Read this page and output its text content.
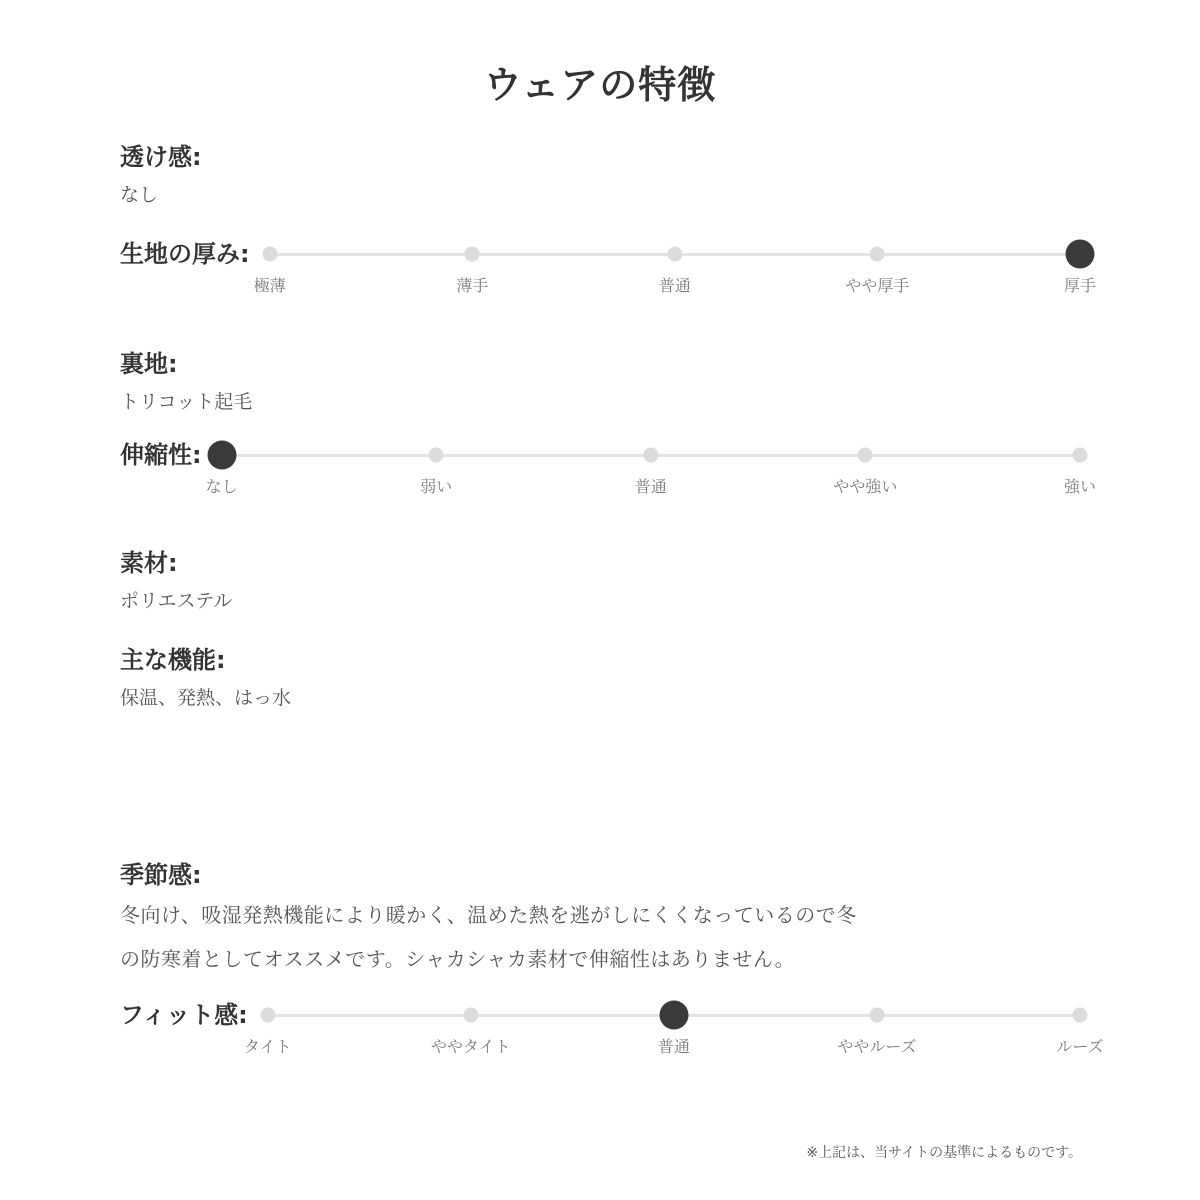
ウェアの特徴
透け感:
なし
生地の厚み:
極薄	薄手	普通	やや厚手	厚手
裏地:
トリコット起毛
伸縮性:
なし	弱い	普通	やや強い	強い
素材:
ポリエステル
主な機能:
保温、発熱、はっ水
季節感:
冬向け、吸湿発熱機能により暖かく、温めた熱を逃がしにくくなっているので冬
の防寒着としてオススメです。シャカシャカ素材で伸縮性はありません。
フィット感:
タイト	ややタイト	普通	ややルーズ	ルーズ
※上記は、当サイトの基準によるものです。
